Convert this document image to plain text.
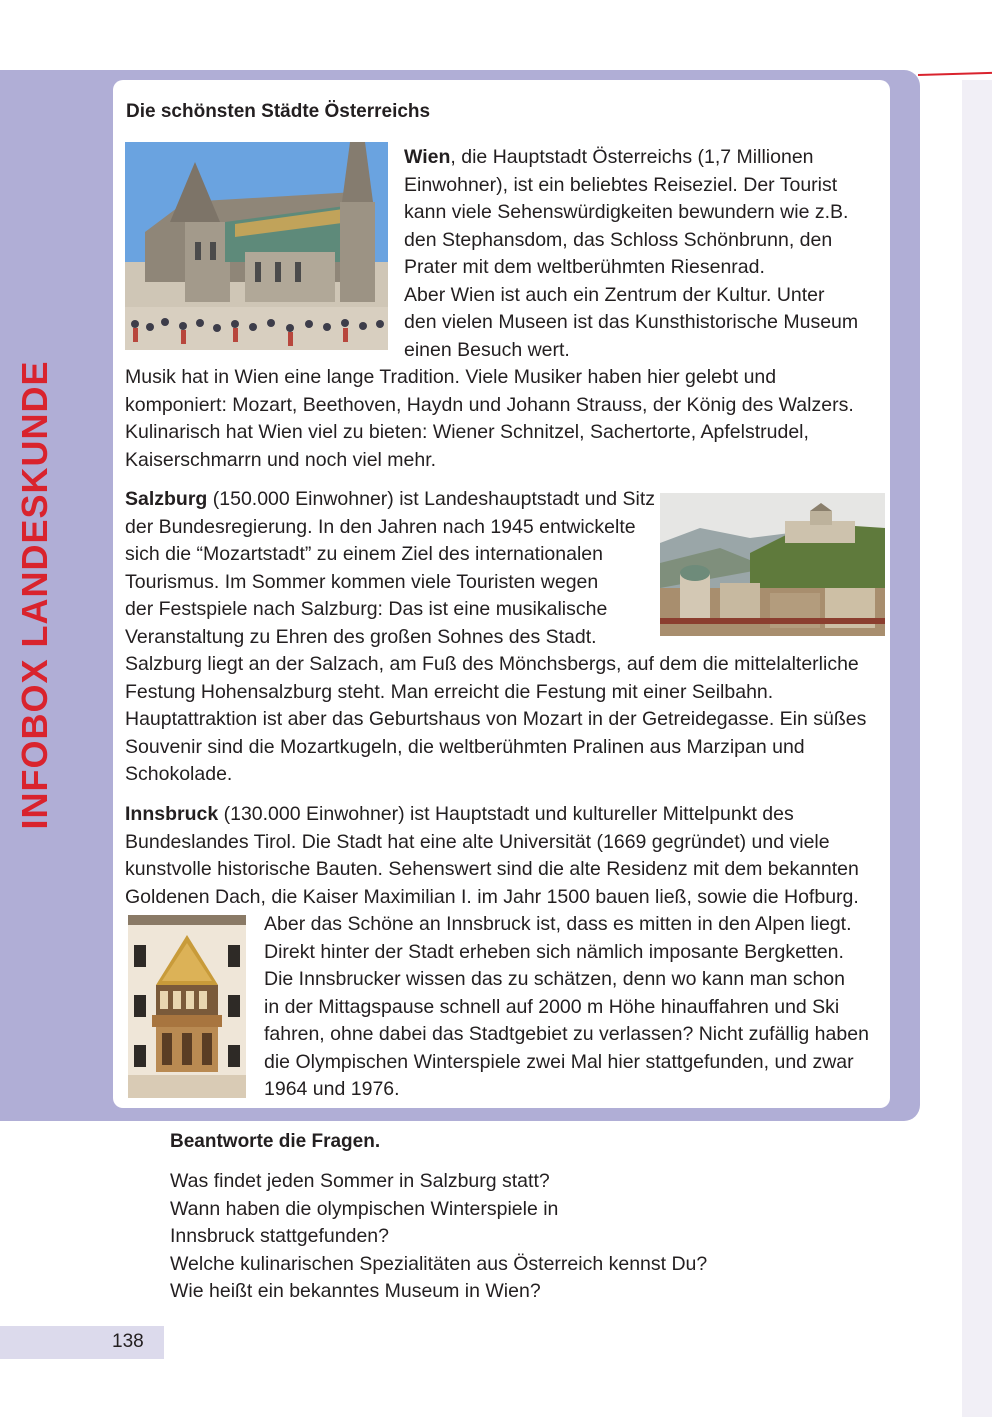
INFOBOX LANDESKUNDE
Die schönsten Städte Österreichs
Wien, die Hauptstadt Österreichs (1,7 Millionen
Einwohner), ist ein beliebtes Reiseziel. Der Tourist
kann viele Sehenswürdigkeiten bewundern wie z.B.
den Stephansdom, das Schloss Schönbrunn, den
Prater mit dem weltberühmten Riesenrad.
Aber Wien ist auch ein Zentrum der Kultur. Unter
den vielen Museen ist das Kunsthistorische Museum
einen Besuch wert.
Musik hat in Wien eine lange Tradition. Viele Musiker haben hier gelebt und
komponiert: Mozart, Beethoven, Haydn und Johann Strauss, der König des Walzers.
Kulinarisch hat Wien viel zu bieten: Wiener Schnitzel, Sachertorte, Apfelstrudel,
Kaiserschmarrn und noch viel mehr.
Salzburg (150.000 Einwohner) ist Landeshauptstadt und Sitz
der Bundesregierung. In den Jahren nach 1945 entwickelte
sich die “Mozartstadt” zu einem Ziel des internationalen
Tourismus. Im Sommer kommen viele Touristen wegen
der Festspiele nach Salzburg: Das ist eine musikalische
Veranstaltung zu Ehren des großen Sohnes des Stadt.
Salzburg liegt an der Salzach, am Fuß des Mönchsbergs, auf dem die mittelalterliche
Festung Hohensalzburg steht. Man erreicht die Festung mit einer Seilbahn.
Hauptattraktion ist aber das Geburtshaus von Mozart in der Getreidegasse. Ein süßes
Souvenir sind die Mozartkugeln, die weltberühmten Pralinen aus Marzipan und
Schokolade.
Innsbruck (130.000 Einwohner) ist Hauptstadt und kultureller Mittelpunkt des
Bundeslandes Tirol. Die Stadt hat eine alte Universität (1669 gegründet) und viele
kunstvolle historische Bauten. Sehenswert sind die alte Residenz mit dem bekannten
Goldenen Dach, die Kaiser Maximilian I. im Jahr 1500 bauen ließ, sowie die Hofburg.
Aber das Schöne an Innsbruck ist, dass es mitten in den Alpen liegt.
Direkt hinter der Stadt erheben sich nämlich imposante Bergketten.
Die Innsbrucker wissen das zu schätzen, denn wo kann man schon
in der Mittagspause schnell auf 2000 m Höhe hinauffahren und Ski
fahren, ohne dabei das Stadtgebiet zu verlassen? Nicht zufällig haben
die Olympischen Winterspiele zwei Mal hier stattgefunden, und zwar
1964 und 1976.
Beantworte die Fragen.
Was findet jeden Sommer in Salzburg statt?
Wann haben die olympischen Winterspiele in
Innsbruck stattgefunden?
Welche kulinarischen Spezialitäten aus Österreich kennst Du?
Wie heißt ein bekanntes Museum in Wien?
138
